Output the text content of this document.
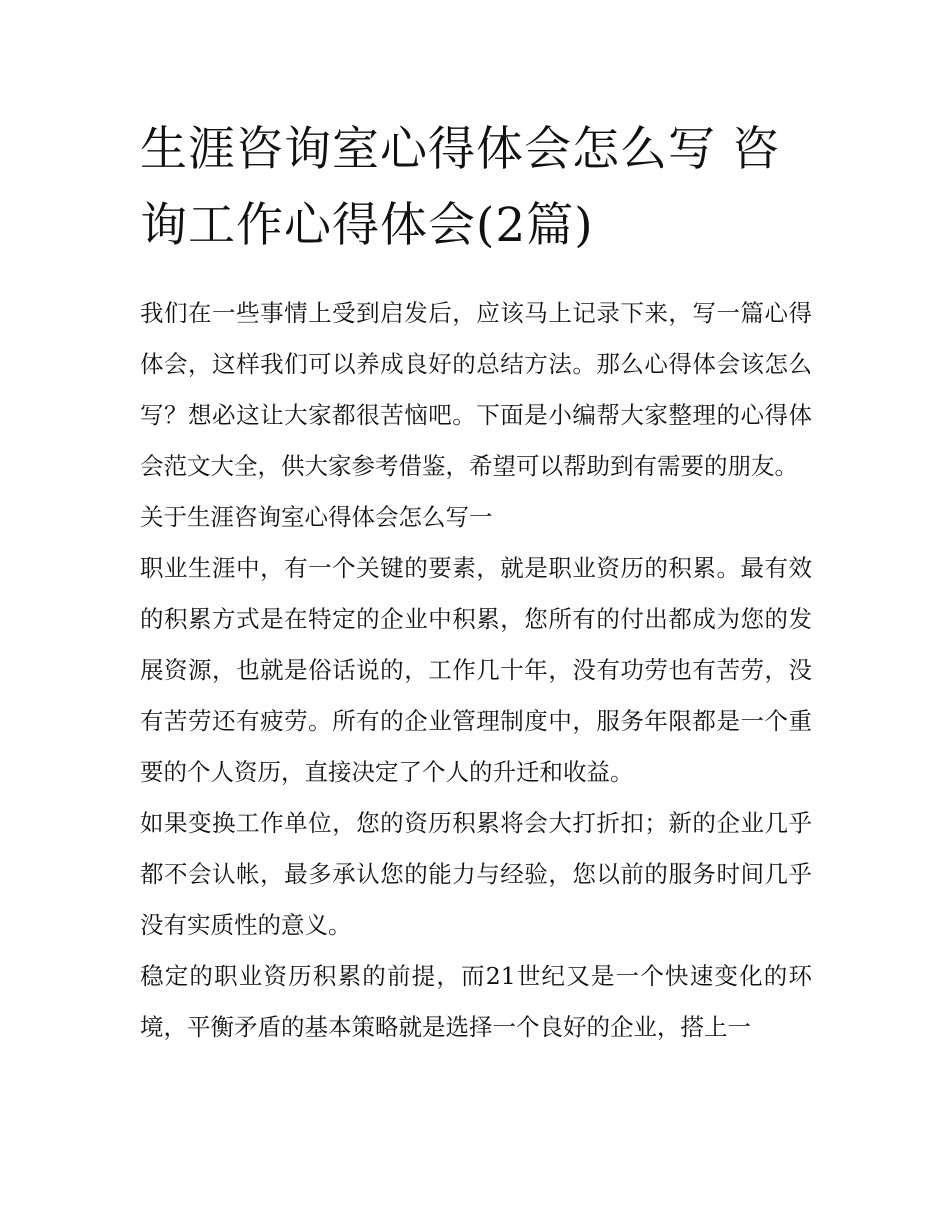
生涯咨询室心得体会怎么写 咨询工作心得体会(2篇)

我们在一些事情上受到启发后，应该马上记录下来，写一篇心得体会，这样我们可以养成良好的总结方法。那么心得体会该怎么写？想必这让大家都很苦恼吧。下面是小编帮大家整理的心得体会范文大全，供大家参考借鉴，希望可以帮助到有需要的朋友。

关于生涯咨询室心得体会怎么写一

职业生涯中，有一个关键的要素，就是职业资历的积累。最有效的积累方式是在特定的企业中积累，您所有的付出都成为您的发展资源，也就是俗话说的，工作几十年，没有功劳也有苦劳，没有苦劳还有疲劳。所有的企业管理制度中，服务年限都是一个重要的个人资历，直接决定了个人的升迁和收益。

如果变换工作单位，您的资历积累将会大打折扣；新的企业几乎都不会认帐，最多承认您的能力与经验，您以前的服务时间几乎没有实质性的意义。

稳定的职业资历积累的前提，而21世纪又是一个快速变化的环境，平衡矛盾的基本策略就是选择一个良好的企业，搭上一
